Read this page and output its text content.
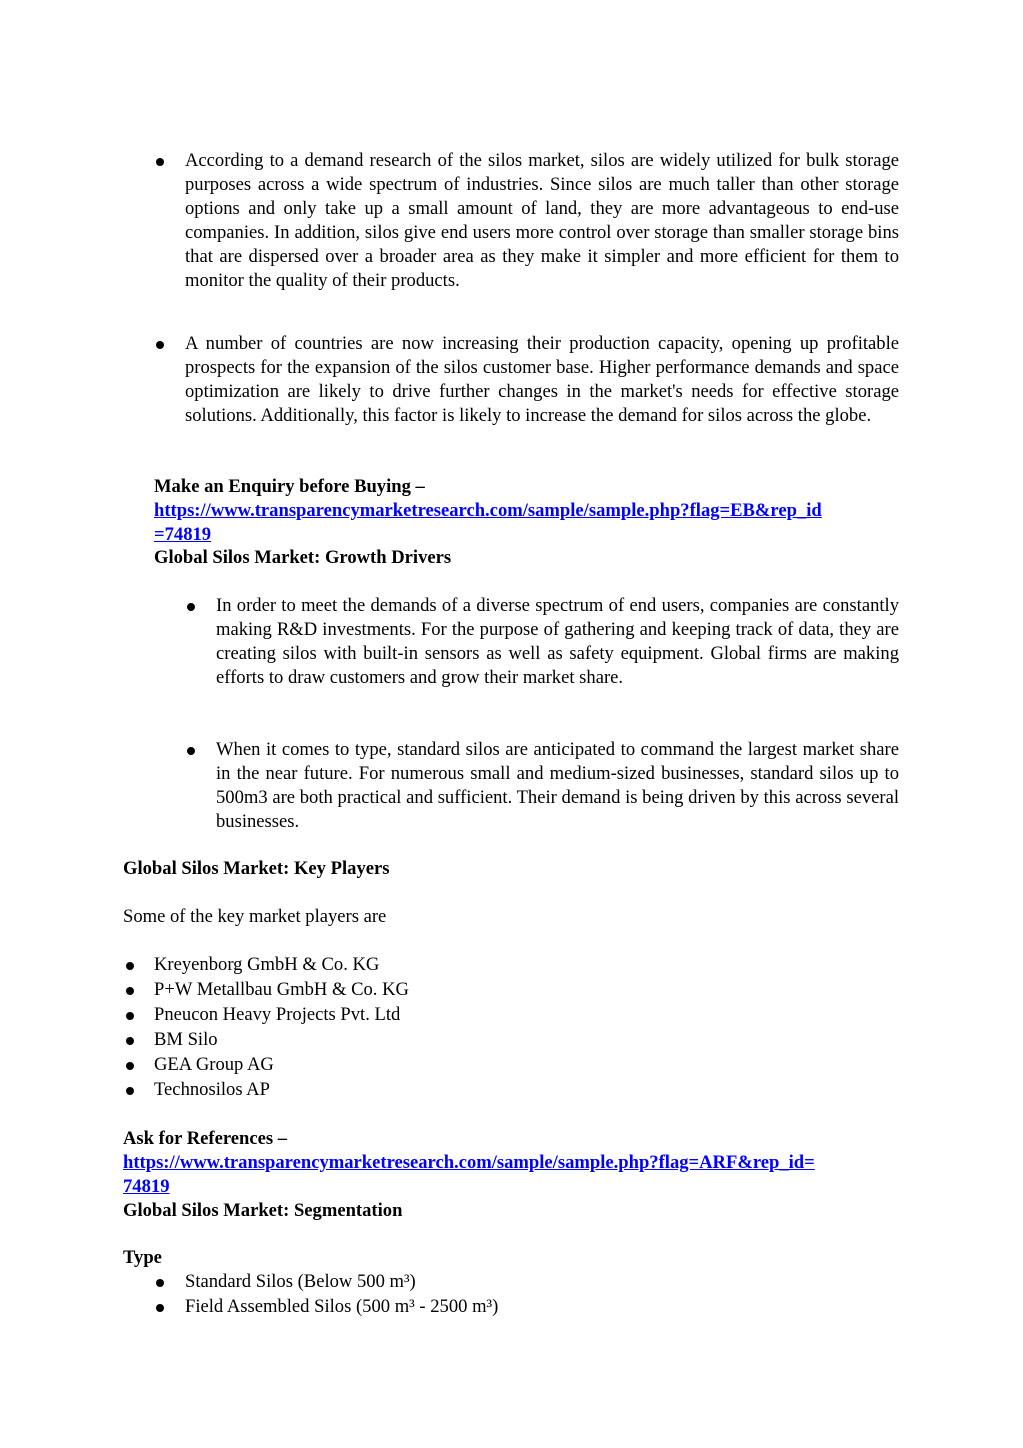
According to a demand research of the silos market, silos are widely utilized for bulk storage purposes across a wide spectrum of industries. Since silos are much taller than other storage options and only take up a small amount of land, they are more advantageous to end-use companies. In addition, silos give end users more control over storage than smaller storage bins that are dispersed over a broader area as they make it simpler and more efficient for them to monitor the quality of their products.
A number of countries are now increasing their production capacity, opening up profitable prospects for the expansion of the silos customer base. Higher performance demands and space optimization are likely to drive further changes in the market's needs for effective storage solutions. Additionally, this factor is likely to increase the demand for silos across the globe.
Make an Enquiry before Buying –
https://www.transparencymarketresearch.com/sample/sample.php?flag=EB&rep_id
=74819
Global Silos Market: Growth Drivers
In order to meet the demands of a diverse spectrum of end users, companies are constantly making R&D investments. For the purpose of gathering and keeping track of data, they are creating silos with built-in sensors as well as safety equipment. Global firms are making efforts to draw customers and grow their market share.
When it comes to type, standard silos are anticipated to command the largest market share in the near future. For numerous small and medium-sized businesses, standard silos up to 500m3 are both practical and sufficient. Their demand is being driven by this across several businesses.
Global Silos Market: Key Players
Some of the key market players are
Kreyenborg GmbH & Co. KG
P+W Metallbau GmbH & Co. KG
Pneucon Heavy Projects Pvt. Ltd
BM Silo
GEA Group AG
Technosilos AP
Ask for References –
https://www.transparencymarketresearch.com/sample/sample.php?flag=ARF&rep_id=
74819
Global Silos Market: Segmentation
Type
Standard Silos (Below 500 m³)
Field Assembled Silos (500 m³ - 2500 m³)
